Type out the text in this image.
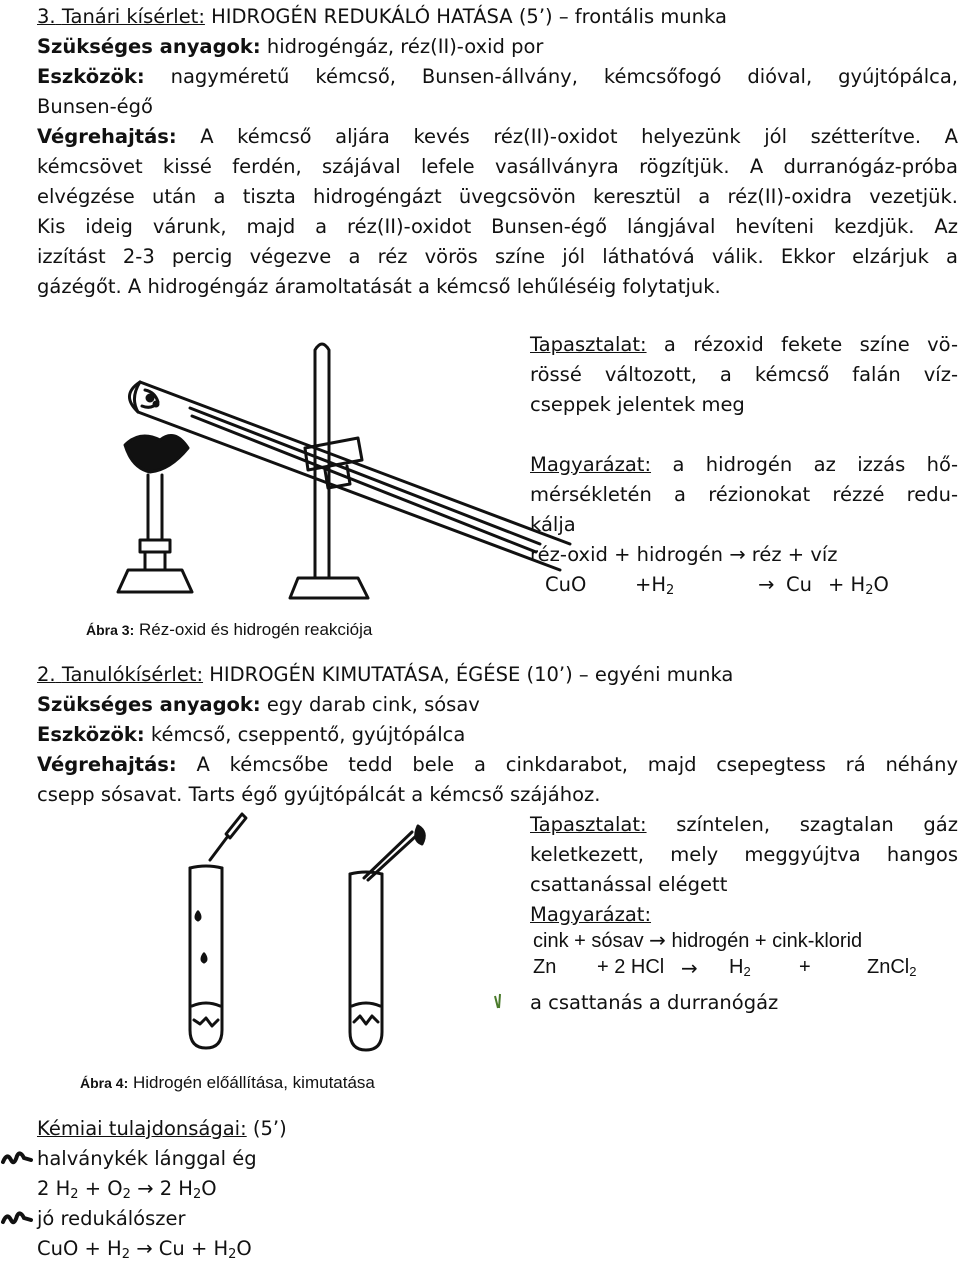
3. Tanári kísérlet: HIDROGÉN REDUKÁLÓ HATÁSA (5’) – frontális munka
Szükséges anyagok: hidrogéngáz, réz(II)-oxid por
Eszközök: nagyméretű kémcső, Bunsen-állvány, kémcsőfogó dióval, gyújtópálca,
Bunsen-égő
Végrehajtás: A kémcső aljára kevés réz(II)-oxidot helyezünk jól szétterítve. A
kémcsövet kissé ferdén, szájával lefele vasállványra rögzítjük. A durranógáz-próba
elvégzése után a tiszta hidrogéngázt üvegcsövön keresztül a réz(II)-oxidra vezetjük.
Kis ideig várunk, majd a réz(II)-oxidot Bunsen-égő lángjával hevíteni kezdjük. Az
izzítást 2-3 percig végezve a réz vörös színe jól láthatóvá válik. Ekkor elzárjuk a
gázégőt. A hidrogéngáz áramoltatását a kémcső lehűléséig folytatjuk.
Ábra 3: Réz-oxid és hidrogén reakciója
Tapasztalat: a rézoxid fekete színe vö-
rössé változott, a kémcső falán víz-
cseppek jelentek meg
Magyarázat: a hidrogén az izzás hő-
mérsékletén a rézionokat rézzé redu-
kálja
réz-oxid + hidrogén → réz + víz
CuO $+H_2$	→ $Cu + H_2O$
2. Tanulókísérlet: HIDROGÉN KIMUTATÁSA, ÉGÉSE (10’) – egyéni munka
Szükséges anyagok: egy darab cink, sósav
Eszközök: kémcső, cseppentő, gyújtópálca
Végrehajtás: A kémcsőbe tedd bele a cinkdarabot, majd csepegtess rá néhány
csepp sósavat. Tarts égő gyújtópálcát a kémcső szájához.
Tapasztalat: színtelen, szagtalan gáz
keletkezett, mely meggyújtva hangos
csattanással elégett
Magyarázat:
cink + sósav → hidrogén + cink-klorid
Zn + 2 HCl → $H_2$ +	ZnCl$_2$
a csattanás a durranógáz
Ábra 4: Hidrogén előállítása, kimutatása
Kémiai tulajdonságai: (5’)
halványkék lánggal ég
2 $H_2 + O_2 \to 2$ $H_2O$
jó redukálószer
CuO + $H_2 \to Cu + H_2O$
